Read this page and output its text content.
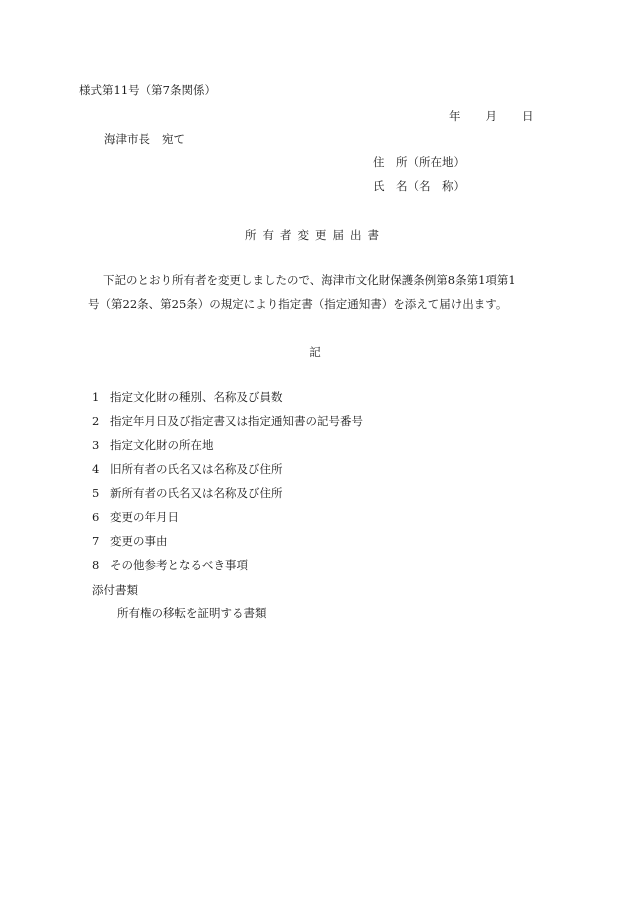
様式第11号（第7条関係）
年 月 日
海津市長 宛て
住　所（所在地）
氏　名（名　称）
所有者変更届出書
下記のとおり所有者を変更しましたので、海津市文化財保護条例第8条第1項第1
号（第22条、第25条）の規定により指定書（指定通知書）を添えて届け出ます。
記
1 指定文化財の種別、名称及び員数
2 指定年月日及び指定書又は指定通知書の記号番号
3 指定文化財の所在地
4 旧所有者の氏名又は名称及び住所
5 新所有者の氏名又は名称及び住所
6 変更の年月日
7 変更の事由
8 その他参考となるべき事項
添付書類
所有権の移転を証明する書類
